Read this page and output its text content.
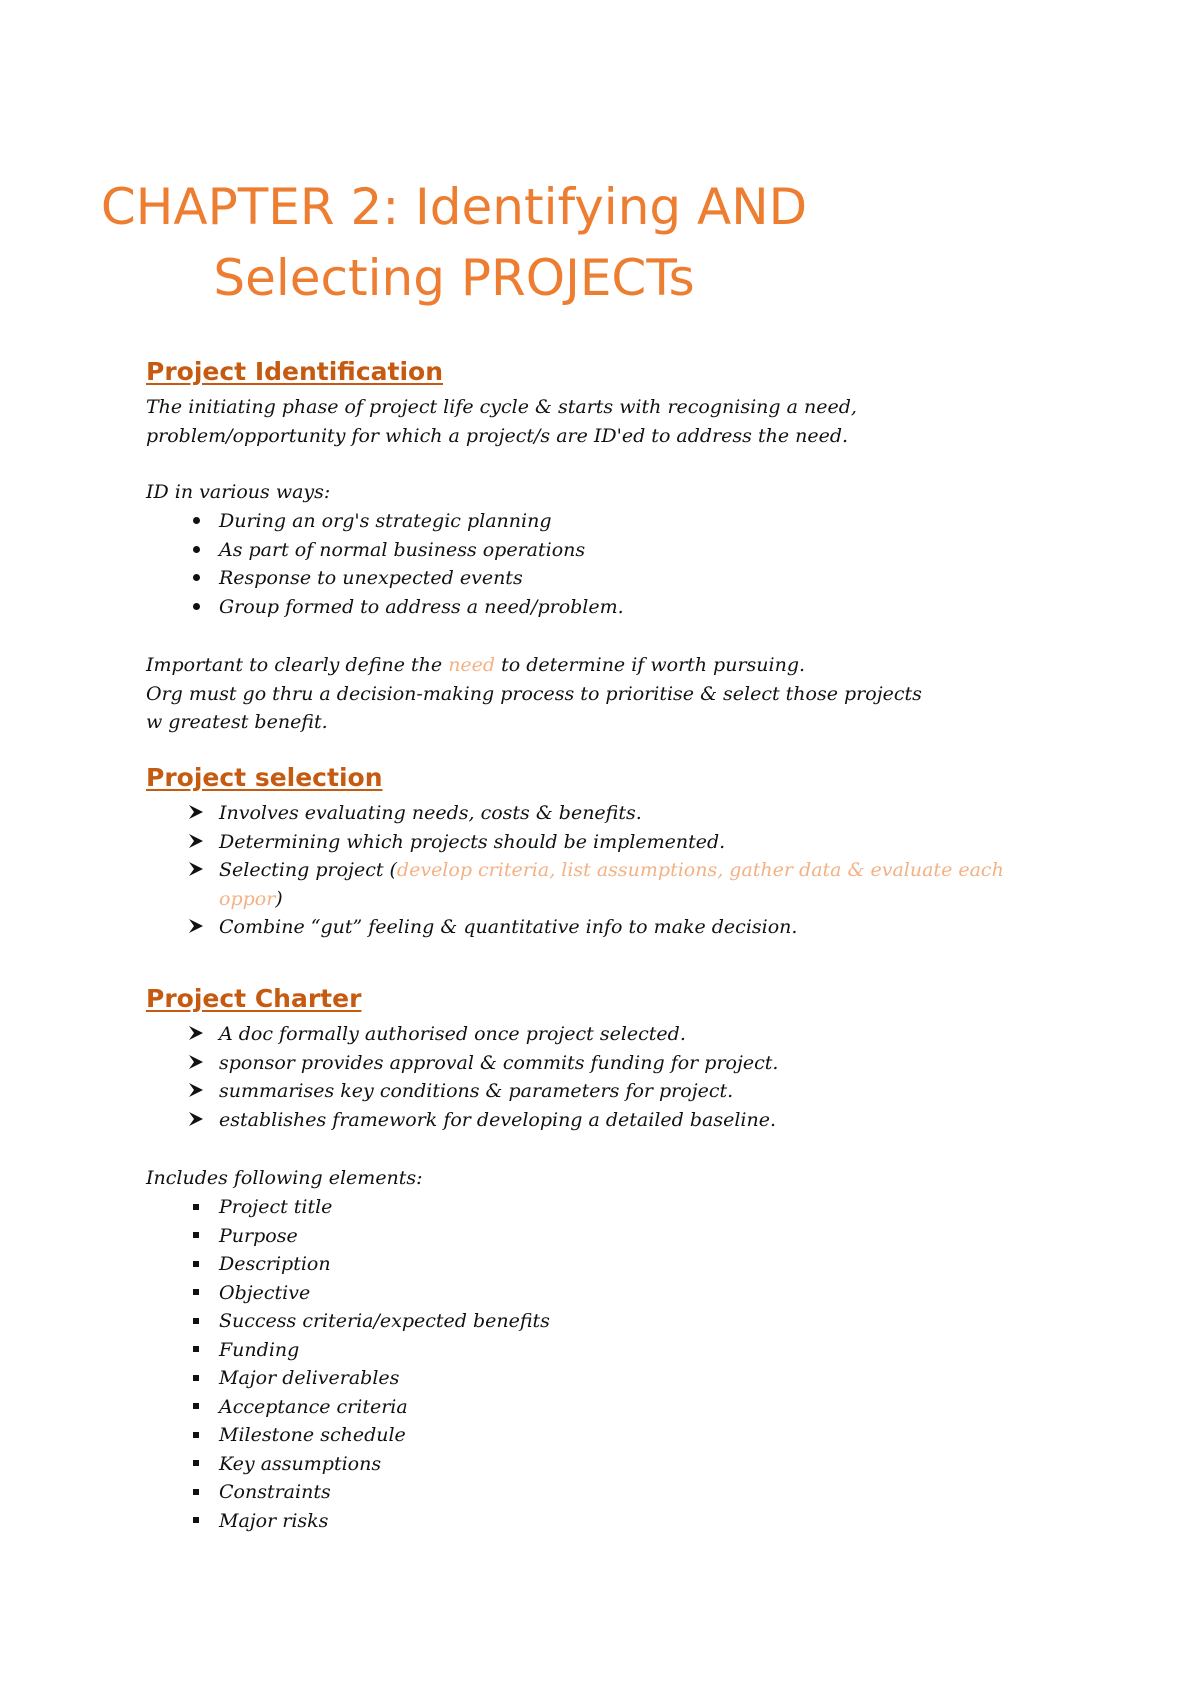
CHAPTER 2: Identifying AND
Selecting PROJECTs
Project Identification

The initiating phase of project life cycle & starts with recognising a need,
problem/opportunity for which a project/s are ID'ed to address the need.

ID in various ways:

During an org's strategic planning
As part of normal business operations
Response to unexpected events
Group formed to address a need/problem.

Important to clearly define the need to determine if worth pursuing.
Org must go thru a decision-making process to prioritise & select those projects
w greatest benefit.

Project selection
Involves evaluating needs, costs & benefits.
Determining which projects should be implemented.
Selecting project (develop criteria, list assumptions, gather data & evaluate each
oppor)
Combine “gut” feeling & quantitative info to make decision.
Project Charter
A doc formally authorised once project selected.
sponsor provides approval & commits funding for project.
summarises key conditions & parameters for project.
establishes framework for developing a detailed baseline.

Includes following elements:

Project title
Purpose
Description
Objective
Success criteria/expected benefits
Funding
Major deliverables
Acceptance criteria
Milestone schedule
Key assumptions
Constraints
Major risks
